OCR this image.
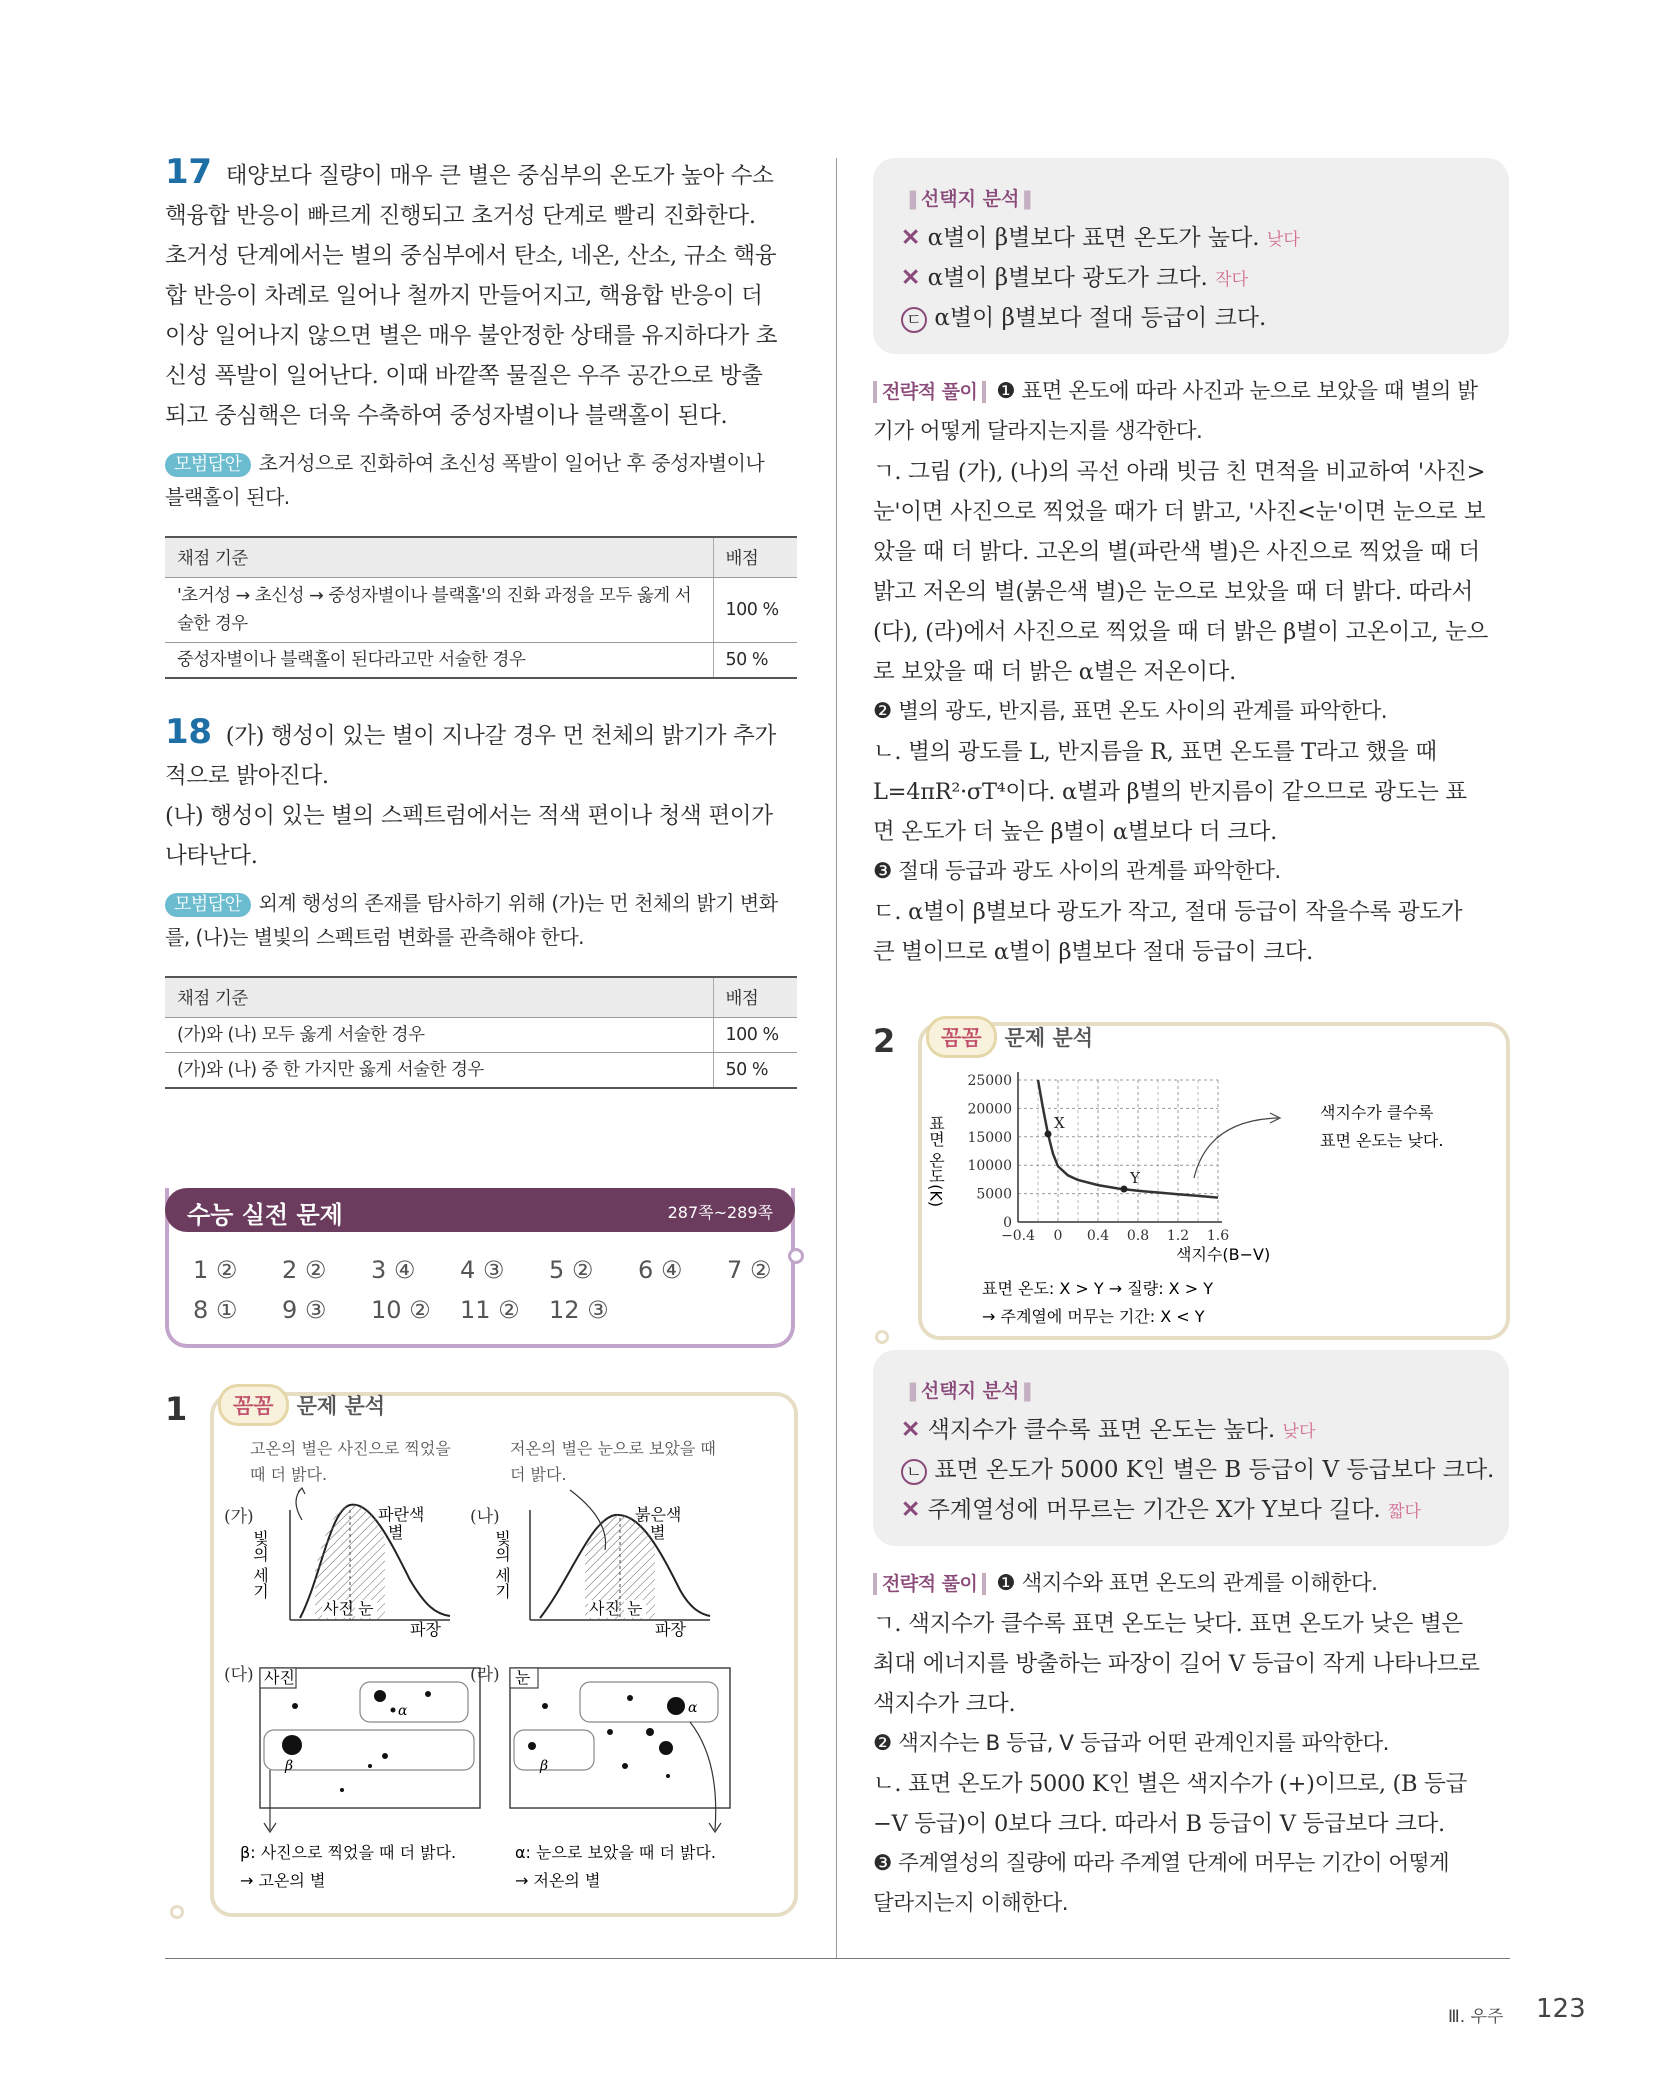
17 태양보다 질량이 매우 큰 별은 중심부의 온도가 높아 수소
핵융합 반응이 빠르게 진행되고 초거성 단계로 빨리 진화한다.
초거성 단계에서는 별의 중심부에서 탄소, 네온, 산소, 규소 핵융
합 반응이 차례로 일어나 철까지 만들어지고, 핵융합 반응이 더
이상 일어나지 않으면 별은 매우 불안정한 상태를 유지하다가 초
신성 폭발이 일어난다. 이때 바깥쪽 물질은 우주 공간으로 방출
되고 중심핵은 더욱 수축하여 중성자별이나 블랙홀이 된다.
모범답안 초거성으로 진화하여 초신성 폭발이 일어난 후 중성자별이나
블랙홀이 된다.
채점 기준	배점
'초거성 → 초신성 → 중성자별이나 블랙홀'의 진화 과정을 모두 옳게 서술한 경우	100 %
중성자별이나 블랙홀이 된다라고만 서술한 경우	50 %
18 (가) 행성이 있는 별이 지나갈 경우 먼 천체의 밝기가 추가
적으로 밝아진다.
(나) 행성이 있는 별의 스펙트럼에서는 적색 편이나 청색 편이가
나타난다.
모범답안 외계 행성의 존재를 탐사하기 위해 (가)는 먼 천체의 밝기 변화
를, (나)는 별빛의 스펙트럼 변화를 관측해야 한다.
채점 기준	배점
(가)와 (나) 모두 옳게 서술한 경우	100 %
(가)와 (나) 중 한 가지만 옳게 서술한 경우	50 %
수능 실전 문제	287쪽~289쪽
1 ② 2 ② 3 ④ 4 ③ 5 ② 6 ④ 7 ②
8 ① 9 ③ 10 ② 11 ② 12 ③
1	꼼꼼 문제 분석
고온의 별은 사진으로 찍었을
때 더 밝다.
저온의 별은 눈으로 보았을 때
더 밝다.
(가)
사진 눈
파란색
별
파장
빛의 세기
(나)
사진 눈
붉은색
별
파장
빛의 세기
(다) 사진
α
β
(라) 눈
α
β
β: 사진으로 찍었을 때 더 밝다.
→ 고온의 별
α: 눈으로 보았을 때 더 밝다.
→ 저온의 별
❚선택지 분석❚
✕ α별이 β별보다 표면 온도가 높다. 낮다
✕ α별이 β별보다 광도가 크다. 작다
ㄷ α별이 β별보다 절대 등급이 크다.
전략적 풀이 ❶ 표면 온도에 따라 사진과 눈으로 보았을 때 별의 밝
기가 어떻게 달라지는지를 생각한다.
ㄱ. 그림 (가), (나)의 곡선 아래 빗금 친 면적을 비교하여 '사진>
눈'이면 사진으로 찍었을 때가 더 밝고, '사진<눈'이면 눈으로 보
았을 때 더 밝다. 고온의 별(파란색 별)은 사진으로 찍었을 때 더
밝고 저온의 별(붉은색 별)은 눈으로 보았을 때 더 밝다. 따라서
(다), (라)에서 사진으로 찍었을 때 더 밝은 β별이 고온이고, 눈으
로 보았을 때 더 밝은 α별은 저온이다.
❷ 별의 광도, 반지름, 표면 온도 사이의 관계를 파악한다.
ㄴ. 별의 광도를 L, 반지름을 R, 표면 온도를 T라고 했을 때
L=4πR²·σT⁴이다. α별과 β별의 반지름이 같으므로 광도는 표
면 온도가 더 높은 β별이 α별보다 더 크다.
❸ 절대 등급과 광도 사이의 관계를 파악한다.
ㄷ. α별이 β별보다 광도가 작고, 절대 등급이 작을수록 광도가
큰 별이므로 α별이 β별보다 절대 등급이 크다.
2	꼼꼼 문제 분석
−0.4 0 0.4 0.8 1.2 1.6
0
5000
10000
15000
20000
25000
X
Y
표면 온도(K)
색지수(B−V)
색지수가 클수록
표면 온도는 낮다.
표면 온도: X > Y → 질량: X > Y
→ 주계열에 머무는 기간: X < Y
❚선택지 분석❚
✕ 색지수가 클수록 표면 온도는 높다. 낮다
ㄴ 표면 온도가 5000 K인 별은 B 등급이 V 등급보다 크다.
✕ 주계열성에 머무르는 기간은 X가 Y보다 길다. 짧다
전략적 풀이 ❶ 색지수와 표면 온도의 관계를 이해한다.
ㄱ. 색지수가 클수록 표면 온도는 낮다. 표면 온도가 낮은 별은
최대 에너지를 방출하는 파장이 길어 V 등급이 작게 나타나므로
색지수가 크다.
❷ 색지수는 B 등급, V 등급과 어떤 관계인지를 파악한다.
ㄴ. 표면 온도가 5000 K인 별은 색지수가 (+)이므로, (B 등급
−V 등급)이 0보다 크다. 따라서 B 등급이 V 등급보다 크다.
❸ 주계열성의 질량에 따라 주계열 단계에 머무는 기간이 어떻게
달라지는지 이해한다.
Ⅲ. 우주 123
